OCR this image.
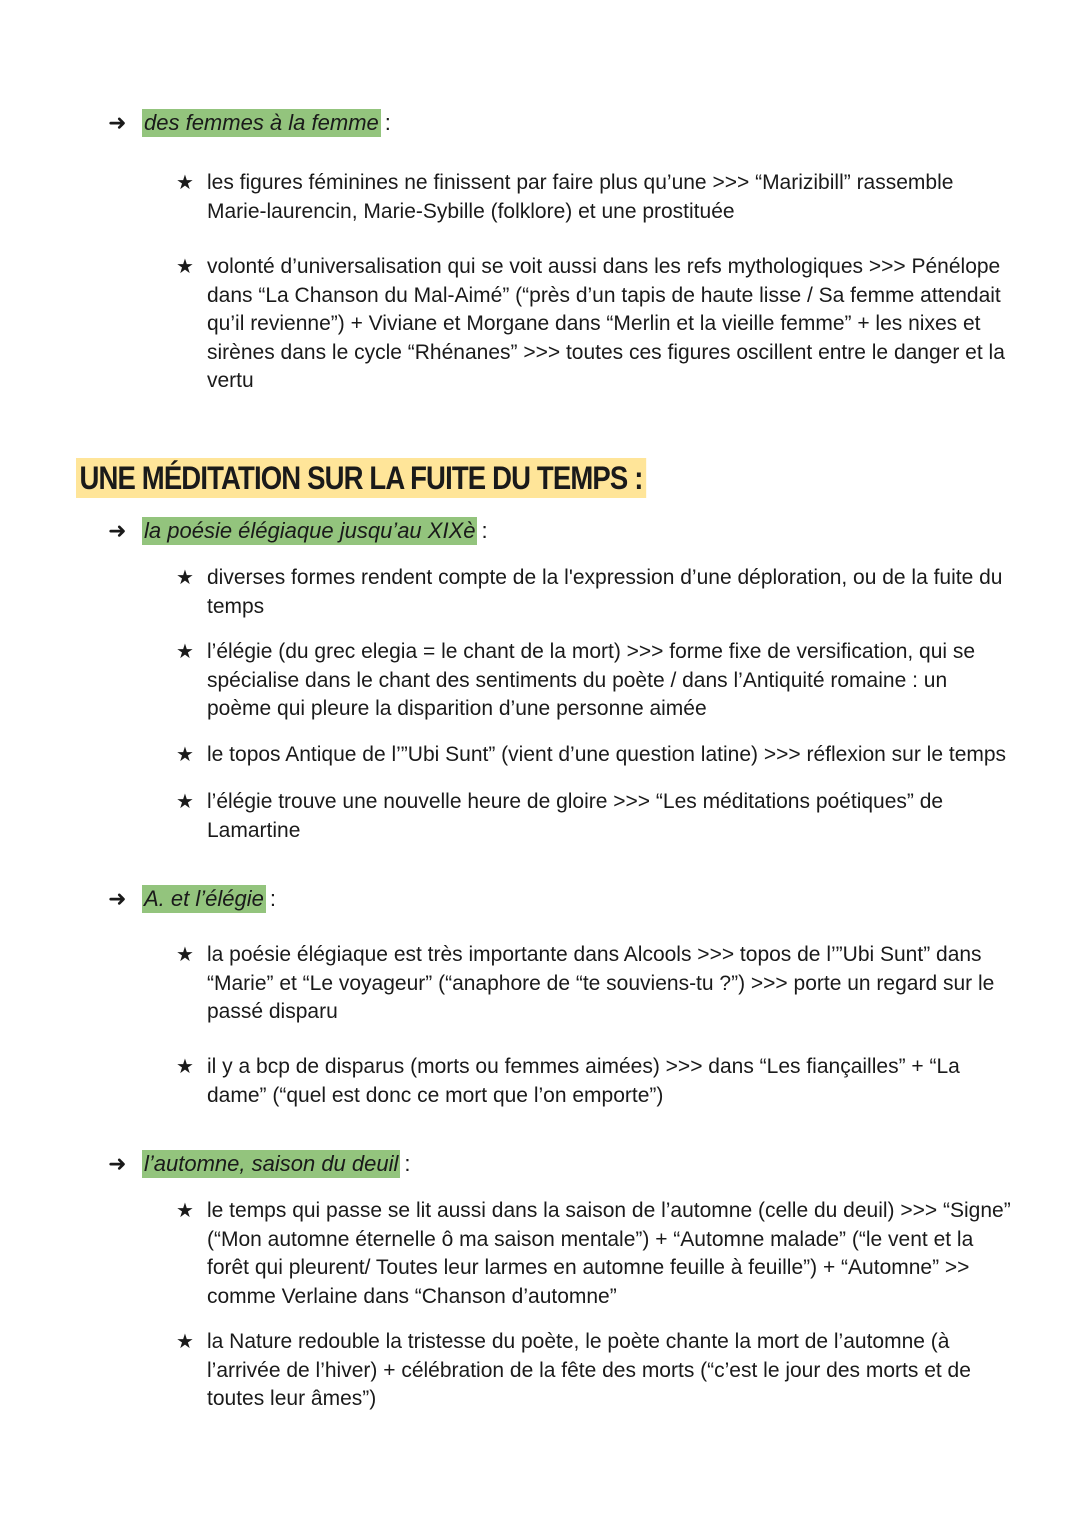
➜ des femmes à la femme :
★ les figures féminines ne finissent par faire plus qu’une >>> “Marizibill” rassemble Marie-laurencin, Marie-Sybille (folklore) et une prostituée
★ volonté d’universalisation qui se voit aussi dans les refs mythologiques >>> Pénélope dans “La Chanson du Mal-Aimé” (“près d’un tapis de haute lisse / Sa femme attendait qu’il revienne”) + Viviane et Morgane dans “Merlin et la vieille femme” + les nixes et sirènes dans le cycle “Rhénanes” >>> toutes ces figures oscillent entre le danger et la vertu
UNE MÉDITATION SUR LA FUITE DU TEMPS :
➜ la poésie élégiaque jusqu’au XIXè :
★ diverses formes rendent compte de la l'expression d’une déploration, ou de la fuite du temps
★ l’élégie (du grec elegia = le chant de la mort) >>> forme fixe de versification, qui se spécialise dans le chant des sentiments du poète / dans l’Antiquité romaine : un poème qui pleure la disparition d’une personne aimée
★ le topos Antique de l’”Ubi Sunt” (vient d’une question latine) >>> réflexion sur le temps
★ l’élégie trouve une nouvelle heure de gloire >>> “Les méditations poétiques” de Lamartine
➜ A. et l’élégie :
★ la poésie élégiaque est très importante dans Alcools >>> topos de l’”Ubi Sunt” dans “Marie” et “Le voyageur” (“anaphore de “te souviens-tu ?”) >>> porte un regard sur le passé disparu
★ il y a bcp de disparus (morts ou femmes aimées) >>> dans “Les fiançailles” + “La dame” (“quel est donc ce mort que l’on emporte”)
➜ l’automne, saison du deuil :
★ le temps qui passe se lit aussi dans la saison de l’automne (celle du deuil) >>> “Signe” (“Mon automne éternelle ô ma saison mentale”) + “Automne malade” (“le vent et la forêt qui pleurent/ Toutes leur larmes en automne feuille à feuille”) + “Automne” >> comme Verlaine dans “Chanson d’automne”
★ la Nature redouble la tristesse du poète, le poète chante la mort de l’automne (à l’arrivée de l’hiver) + célébration de la fête des morts (“c’est le jour des morts et de toutes leur âmes”)
